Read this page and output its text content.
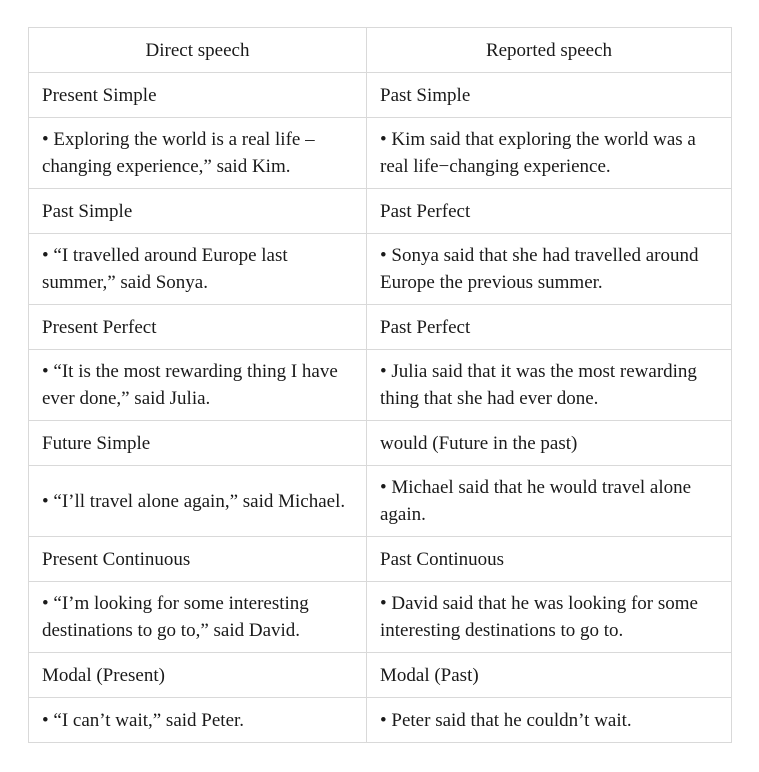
Direct speech	Reported speech
Present Simple	Past Simple
• Exploring the world is a real life – changing experience,” said Kim.	• Kim said that exploring the world was a real life−changing experience.
Past Simple	Past Perfect
• “I travelled around Europe last summer,” said Sonya.	• Sonya said that she had travelled around Europe the previous summer.
Present Perfect	Past Perfect
• “It is the most rewarding thing I have ever done,” said Julia.	• Julia said that it was the most rewarding thing that she had ever done.
Future Simple	would (Future in the past)
• “I’ll travel alone again,” said Michael.	• Michael said that he would travel alone again.
Present Continuous	Past Continuous
• “I’m looking for some interesting destinations to go to,” said David.	• David said that he was looking for some interesting destinations to go to.
Modal (Present)	Modal (Past)
• “I can’t wait,” said Peter.	• Peter said that he couldn’t wait.
